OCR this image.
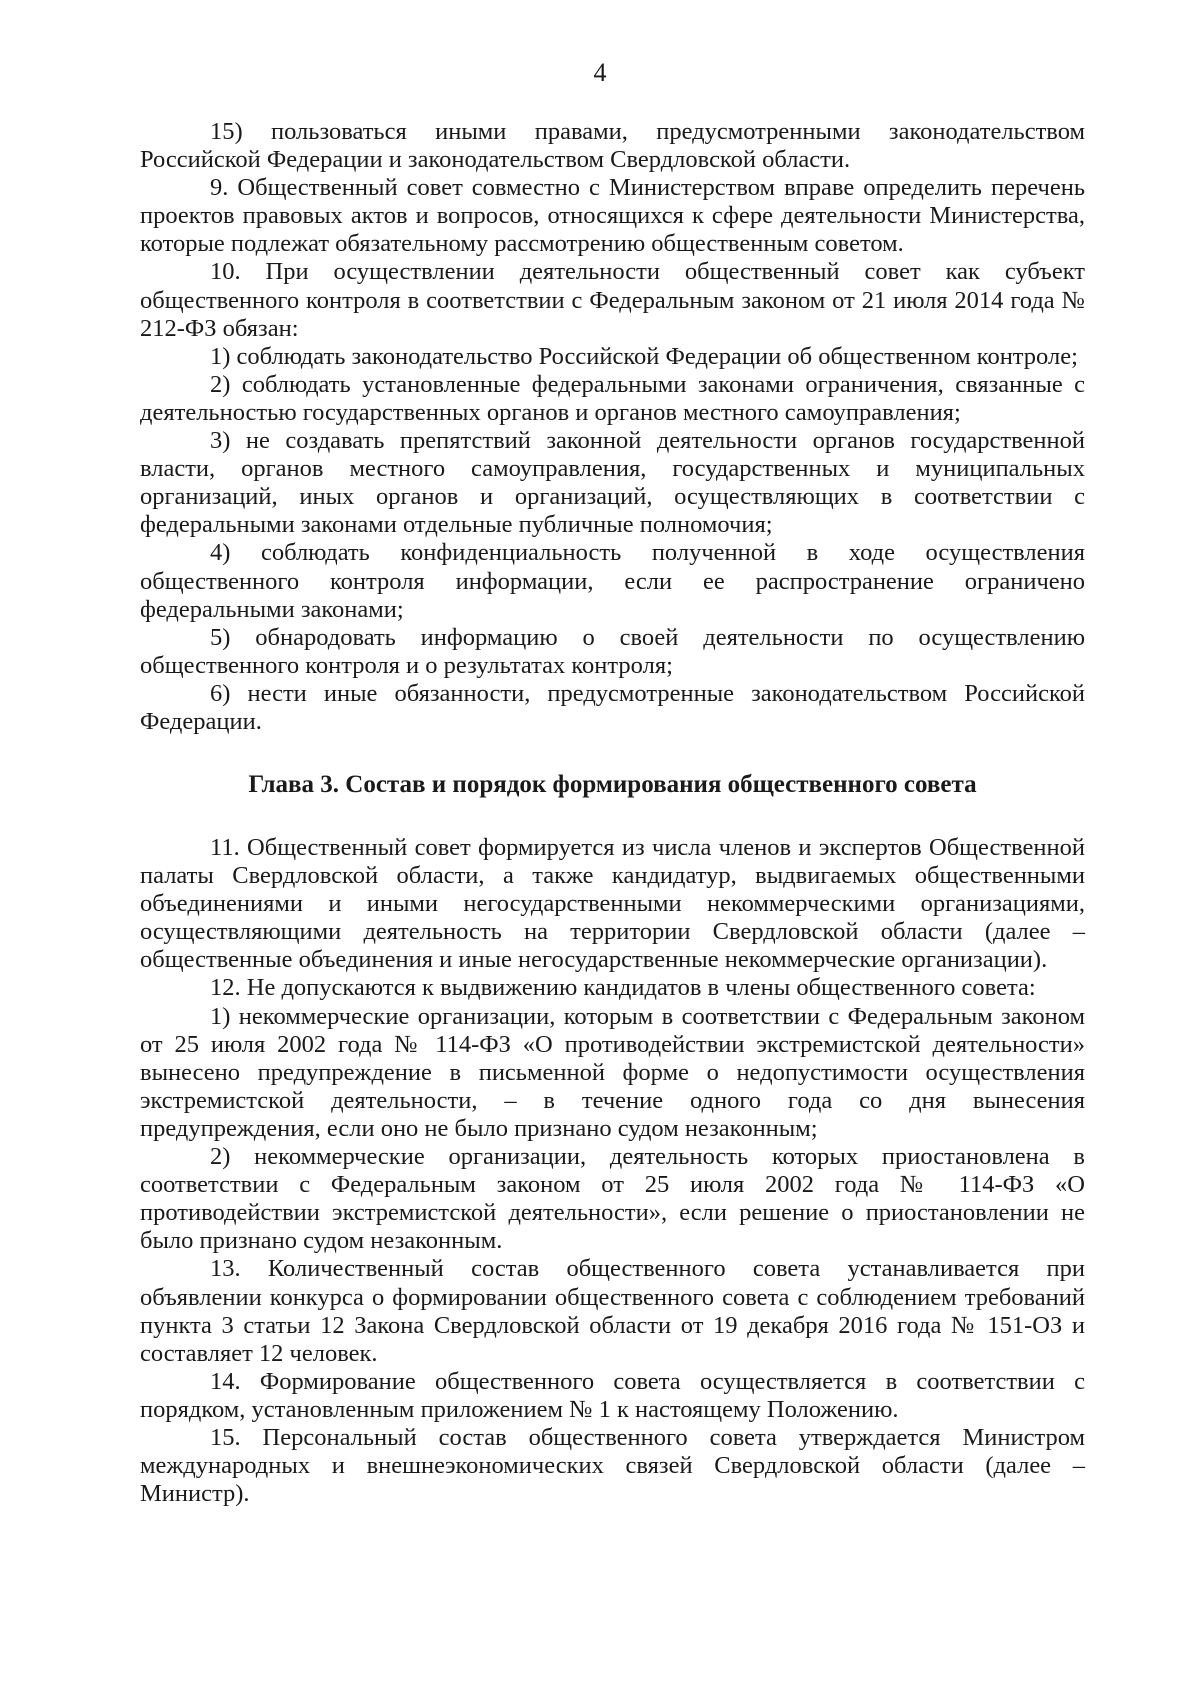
4

15) пользоваться иными правами, предусмотренными законодательством Российской Федерации и законодательством Свердловской области.

9. Общественный совет совместно с Министерством вправе определить перечень проектов правовых актов и вопросов, относящихся к сфере деятельности Министерства, которые подлежат обязательному рассмотрению общественным советом.

10. При осуществлении деятельности общественный совет как субъект общественного контроля в соответствии с Федеральным законом от 21 июля 2014 года № 212-ФЗ обязан:

1) соблюдать законодательство Российской Федерации об общественном контроле;

2) соблюдать установленные федеральными законами ограничения, связанные с деятельностью государственных органов и органов местного самоуправления;

3) не создавать препятствий законной деятельности органов государственной власти, органов местного самоуправления, государственных и муниципальных организаций, иных органов и организаций, осуществляющих в соответствии с федеральными законами отдельные публичные полномочия;

4) соблюдать конфиденциальность полученной в ходе осуществления общественного контроля информации, если ее распространение ограничено федеральными законами;

5) обнародовать информацию о своей деятельности по осуществлению общественного контроля и о результатах контроля;

6) нести иные обязанности, предусмотренные законодательством Российской Федерации.

Глава 3. Состав и порядок формирования общественного совета

11. Общественный совет формируется из числа членов и экспертов Общественной палаты Свердловской области, а также кандидатур, выдвигаемых общественными объединениями и иными негосударственными некоммерческими организациями, осуществляющими деятельность на территории Свердловской области (далее – общественные объединения и иные негосударственные некоммерческие организации).

12. Не допускаются к выдвижению кандидатов в члены общественного совета:

1) некоммерческие организации, которым в соответствии с Федеральным законом от 25 июля 2002 года № 114-ФЗ «О противодействии экстремистской деятельности» вынесено предупреждение в письменной форме о недопустимости осуществления экстремистской деятельности, – в течение одного года со дня вынесения предупреждения, если оно не было признано судом незаконным;

2) некоммерческие организации, деятельность которых приостановлена в соответствии с Федеральным законом от 25 июля 2002 года № 114-ФЗ «О противодействии экстремистской деятельности», если решение о приостановлении не было признано судом незаконным.

13. Количественный состав общественного совета устанавливается при объявлении конкурса о формировании общественного совета с соблюдением требований пункта 3 статьи 12 Закона Свердловской области от 19 декабря 2016 года № 151-ОЗ и составляет 12 человек.

14. Формирование общественного совета осуществляется в соответствии с порядком, установленным приложением № 1 к настоящему Положению.

15. Персональный состав общественного совета утверждается Министром международных и внешнеэкономических связей Свердловской области (далее – Министр).
